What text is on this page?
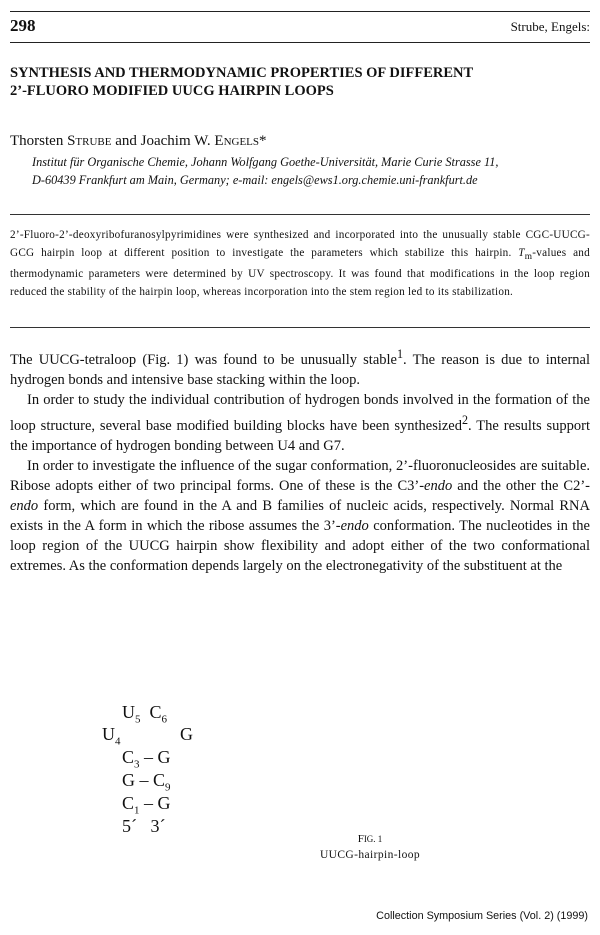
298	Strube, Engels:
SYNTHESIS AND THERMODYNAMIC PROPERTIES OF DIFFERENT
2’-FLUORO MODIFIED UUCG HAIRPIN LOOPS

Thorsten STRUBE and Joachim W. ENGELS*

Institut für Organische Chemie, Johann Wolfgang Goethe-Universität, Marie Curie Strasse 11,
D-60439 Frankfurt am Main, Germany; e-mail: engels@ews1.org.chemie.uni-frankfurt.de

2’-Fluoro-2’-deoxyribofuranosylpyrimidines were synthesized and incorporated into the unusually stable CGC-UUCG-GCG hairpin loop at different position to investigate the parameters which stabilize this hairpin. $T_m$-values and thermodynamic parameters were determined by UV spectroscopy. It was found that modifications in the loop region reduced the stability of the hairpin loop, whereas incorporation into the stem region led to its stabilization.

The UUCG-tetraloop (Fig. 1) was found to be unusually stable$^1$. The reason is due to internal hydrogen bonds and intensive base stacking within the loop.

In order to study the individual contribution of hydrogen bonds involved in the formation of the loop structure, several base modified building blocks have been synthesized$^2$. The results support the importance of hydrogen bonding between U4 and G7.

In order to investigate the influence of the sugar conformation, 2’-fluoronucleosides are suitable. Ribose adopts either of two principal forms. One of these is the C3’-endo and the other the C2’-endo form, which are found in the A and B families of nucleic acids, respectively. Normal RNA exists in the A form in which the ribose assumes the 3’-endo conformation. The nucleotides in the loop region of the UUCG hairpin show flexibility and adopt either of the two conformational extremes. As the conformation depends largely on the electronegativity of the substituent at the

$U_5$ $C_6$
$U_4$	G
$C_3$ – G
G – $C_9$
$C_1$ – G
5´ 3´

FIG. 1

UUCG-hairpin-loop

Collection Symposium Series (Vol. 2) (1999)
